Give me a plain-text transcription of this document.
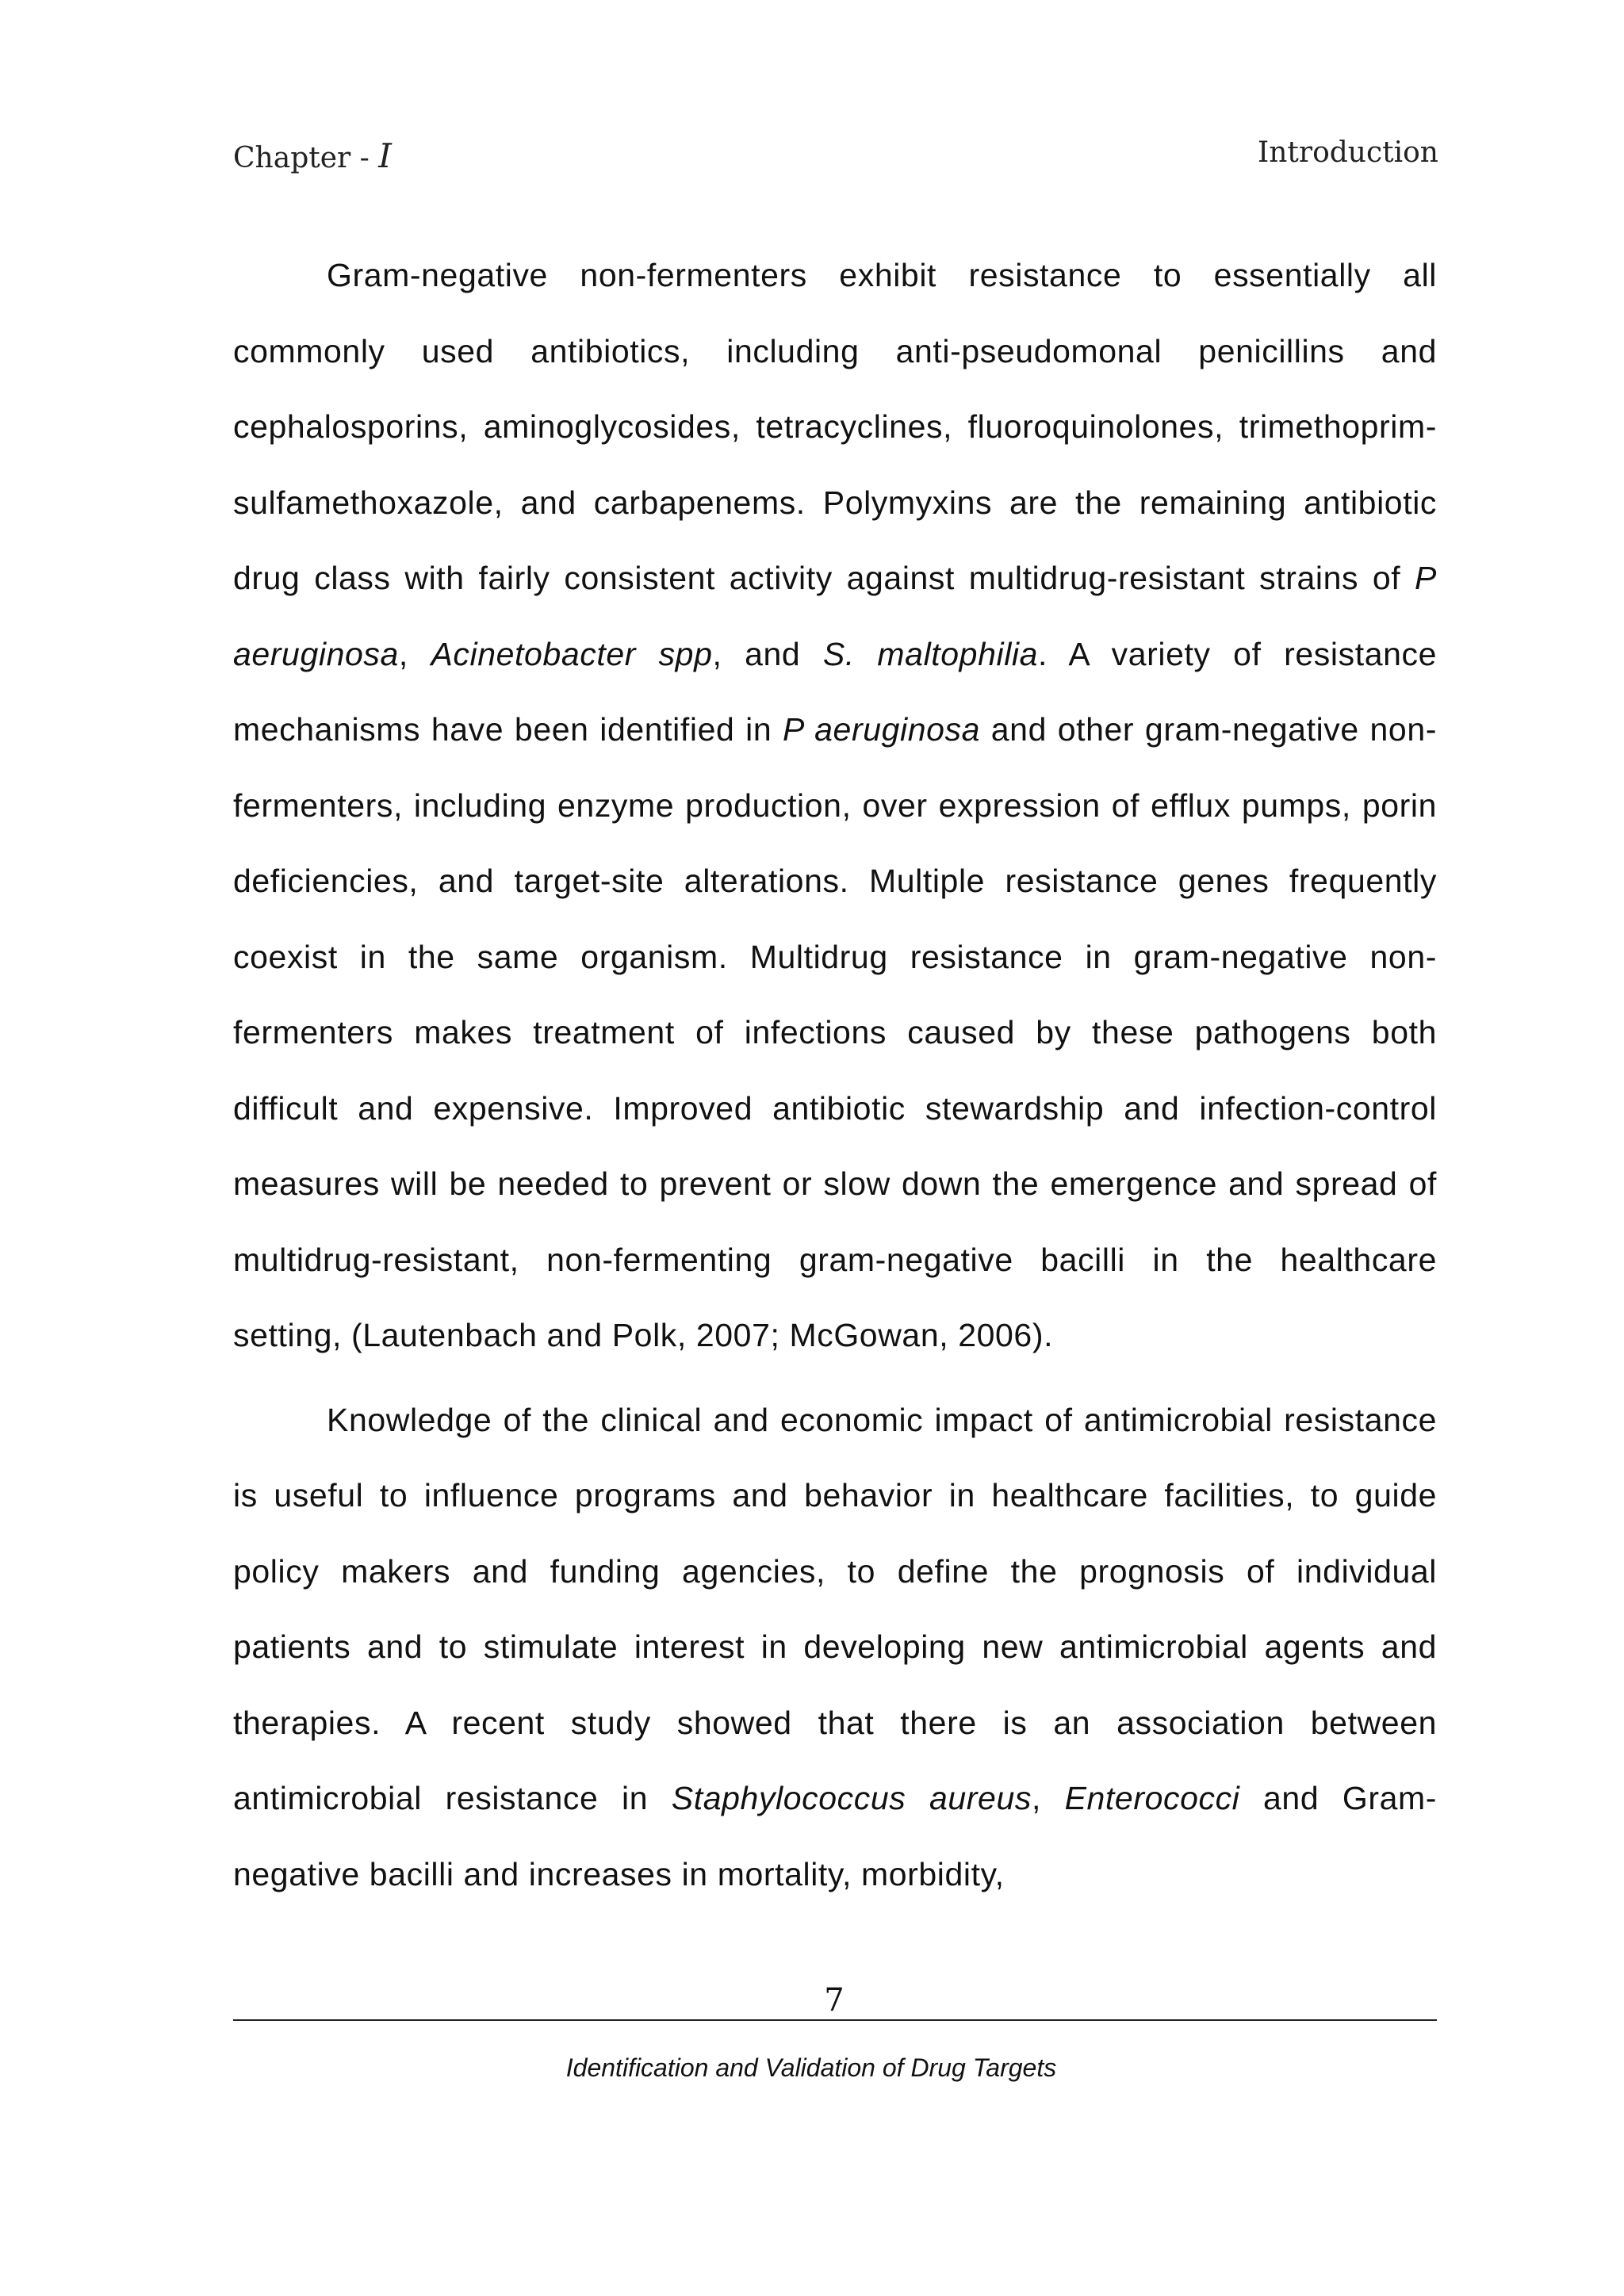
Chapter - I	Introduction

Gram-negative non-fermenters exhibit resistance to essentially all commonly used antibiotics, including anti-pseudomonal penicillins and cephalosporins, aminoglycosides, tetracyclines, fluoroquinolones, trimethoprim-sulfamethoxazole, and carbapenems. Polymyxins are the remaining antibiotic drug class with fairly consistent activity against multidrug-resistant strains of P aeruginosa, Acinetobacter spp, and S. maltophilia. A variety of resistance mechanisms have been identified in P aeruginosa and other gram-negative non-fermenters, including enzyme production, over expression of efflux pumps, porin deficiencies, and target-site alterations. Multiple resistance genes frequently coexist in the same organism. Multidrug resistance in gram-negative non-fermenters makes treatment of infections caused by these pathogens both difficult and expensive. Improved antibiotic stewardship and infection-control measures will be needed to prevent or slow down the emergence and spread of multidrug-resistant, non-fermenting gram-negative bacilli in the healthcare setting, (Lautenbach and Polk, 2007; McGowan, 2006).

Knowledge of the clinical and economic impact of antimicrobial resistance is useful to influence programs and behavior in healthcare facilities, to guide policy makers and funding agencies, to define the prognosis of individual patients and to stimulate interest in developing new antimicrobial agents and therapies. A recent study showed that there is an association between antimicrobial resistance in Staphylococcus aureus, Enterococci and Gram-negative bacilli and increases in mortality, morbidity,

7
Identification and Validation of Drug Targets
